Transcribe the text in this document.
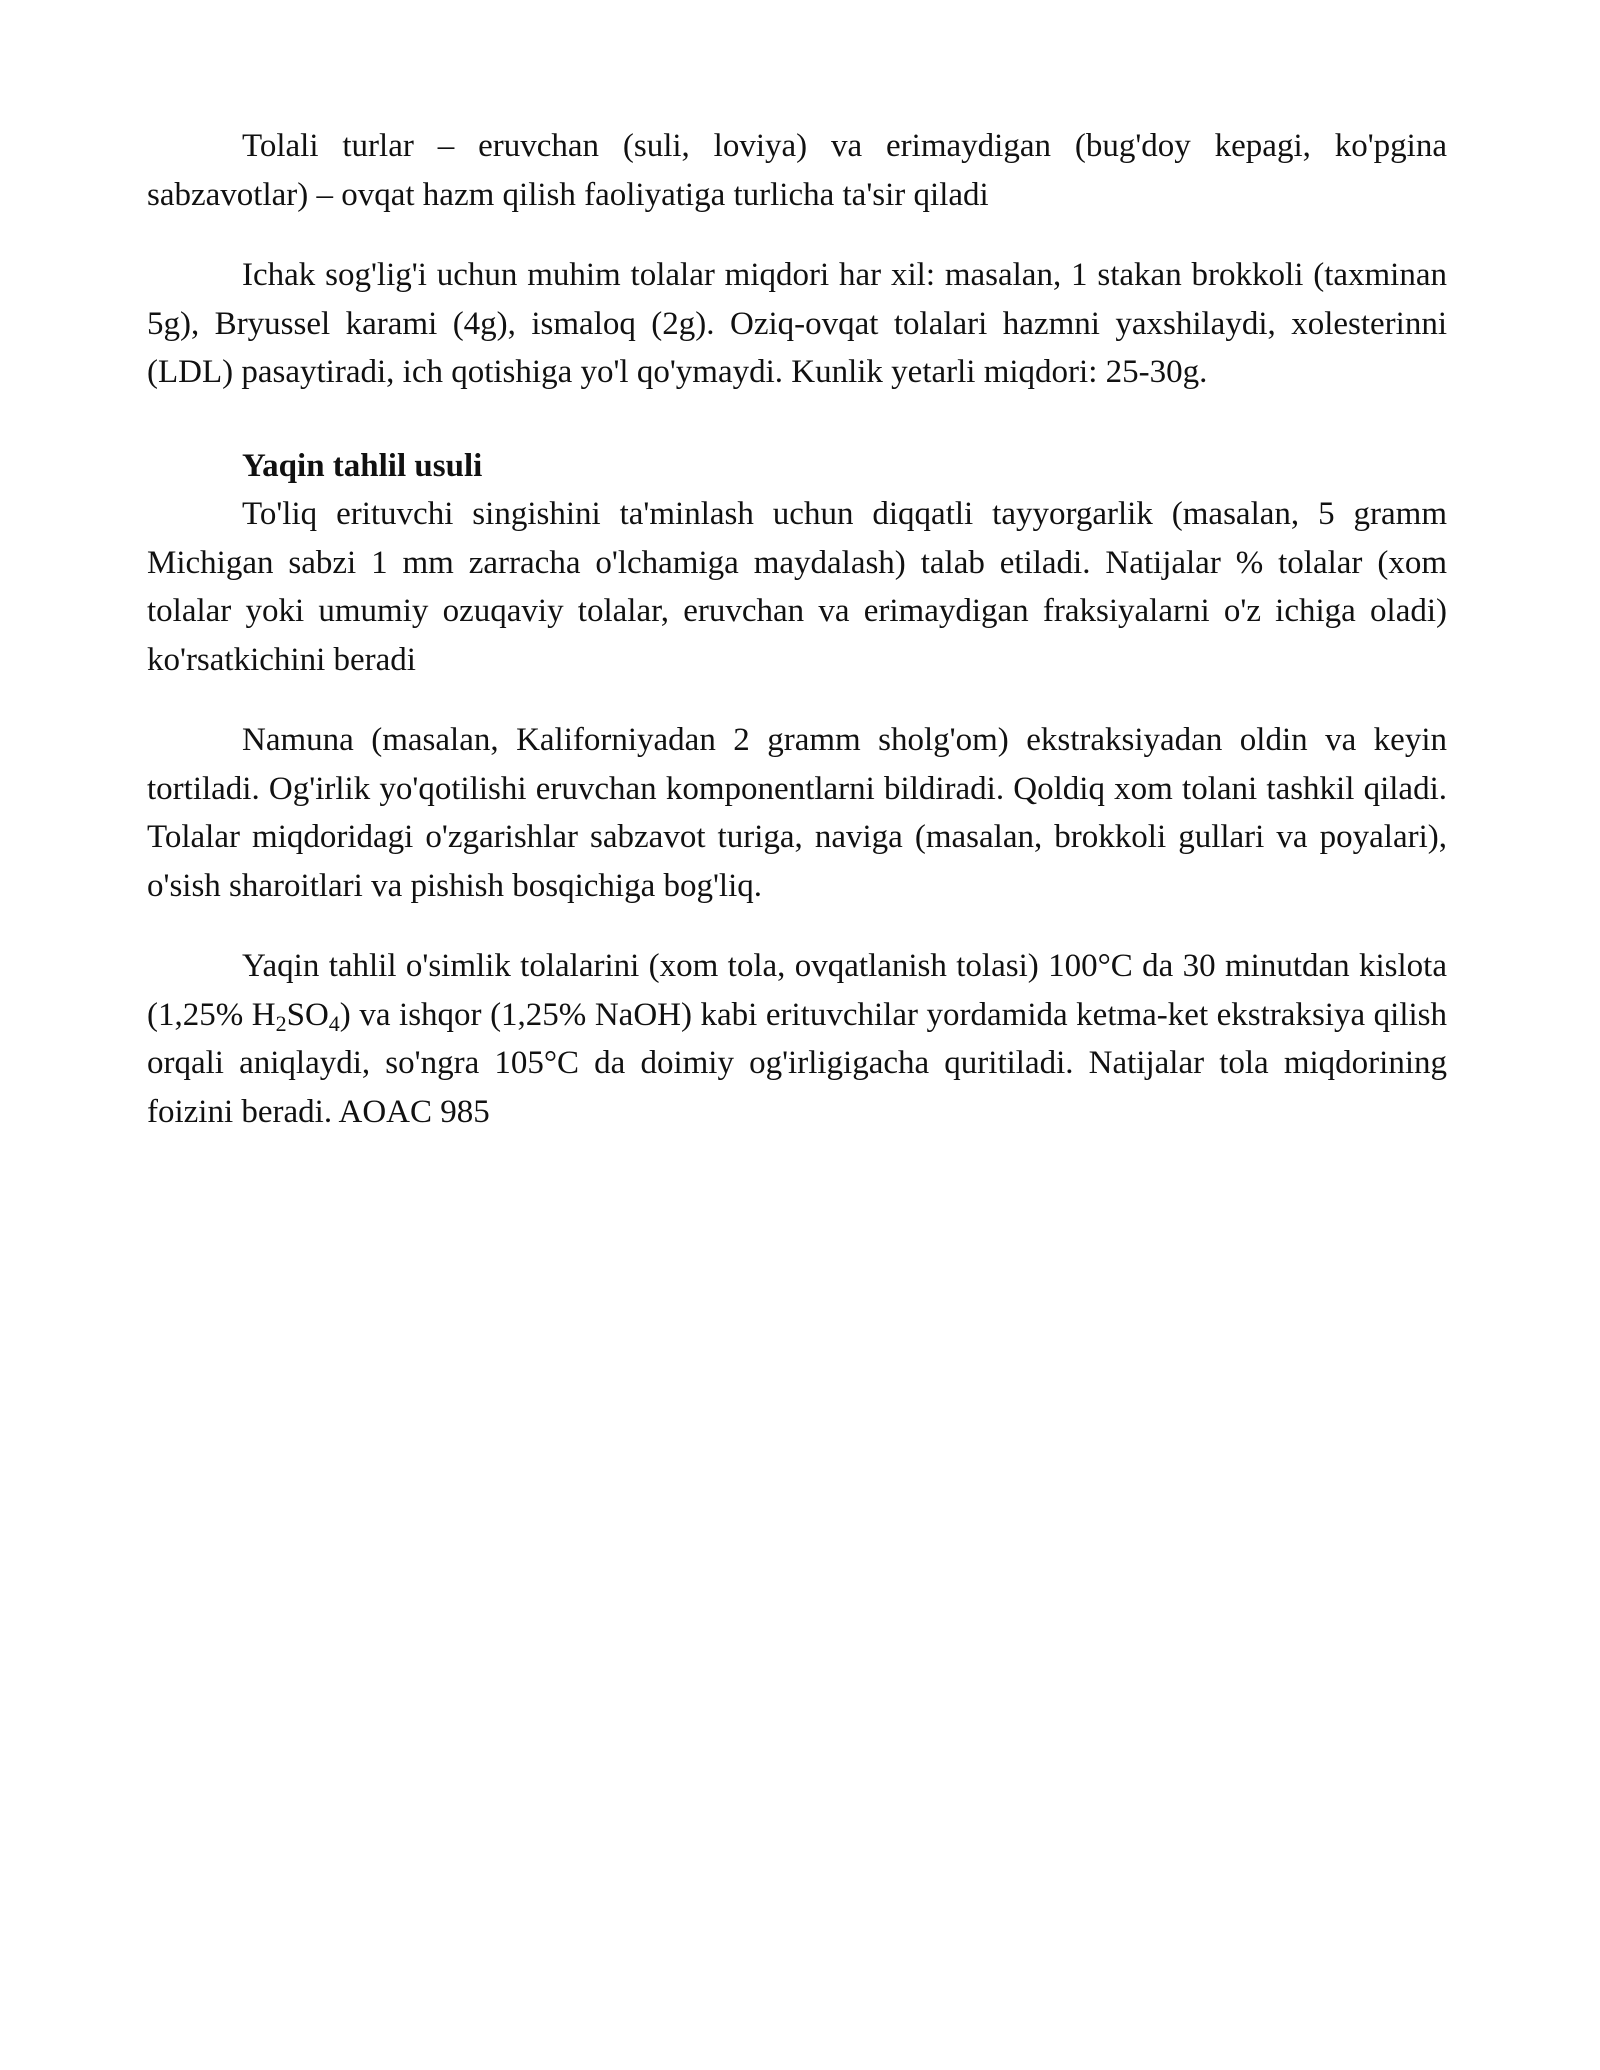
Tolali turlar – eruvchan (suli, loviya) va erimaydigan (bug'doy kepagi, ko'pgina sabzavotlar) – ovqat hazm qilish faoliyatiga turlicha ta'sir qiladi

Ichak sog'lig'i uchun muhim tolalar miqdori har xil: masalan, 1 stakan brokkoli (taxminan 5g), Bryussel karami (4g), ismaloq (2g). Oziq-ovqat tolalari hazmni yaxshilaydi, xolesterinni (LDL) pasaytiradi, ich qotishiga yo'l qo'ymaydi. Kunlik yetarli miqdori: 25-30g.

Yaqin tahlil usuli

To'liq erituvchi singishini ta'minlash uchun diqqatli tayyorgarlik (masalan, 5 gramm Michigan sabzi 1 mm zarracha o'lchamiga maydalash) talab etiladi. Natijalar % tolalar (xom tolalar yoki umumiy ozuqaviy tolalar, eruvchan va erimaydigan fraksiyalarni o'z ichiga oladi) ko'rsatkichini beradi

Namuna (masalan, Kaliforniyadan 2 gramm sholg'om) ekstraksiyadan oldin va keyin tortiladi. Og'irlik yo'qotilishi eruvchan komponentlarni bildiradi. Qoldiq xom tolani tashkil qiladi. Tolalar miqdoridagi o'zgarishlar sabzavot turiga, naviga (masalan, brokkoli gullari va poyalari), o'sish sharoitlari va pishish bosqichiga bog'liq.

Yaqin tahlil o'simlik tolalarini (xom tola, ovqatlanish tolasi) 100°C da 30 minutdan kislota (1,25% $H_2SO_4$) va ishqor (1,25% NaOH) kabi erituvchilar yordamida ketma-ket ekstraksiya qilish orqali aniqlaydi, so'ngra 105°C da doimiy og'irligigacha quritiladi. Natijalar tola miqdorining foizini beradi. AOAC 985
